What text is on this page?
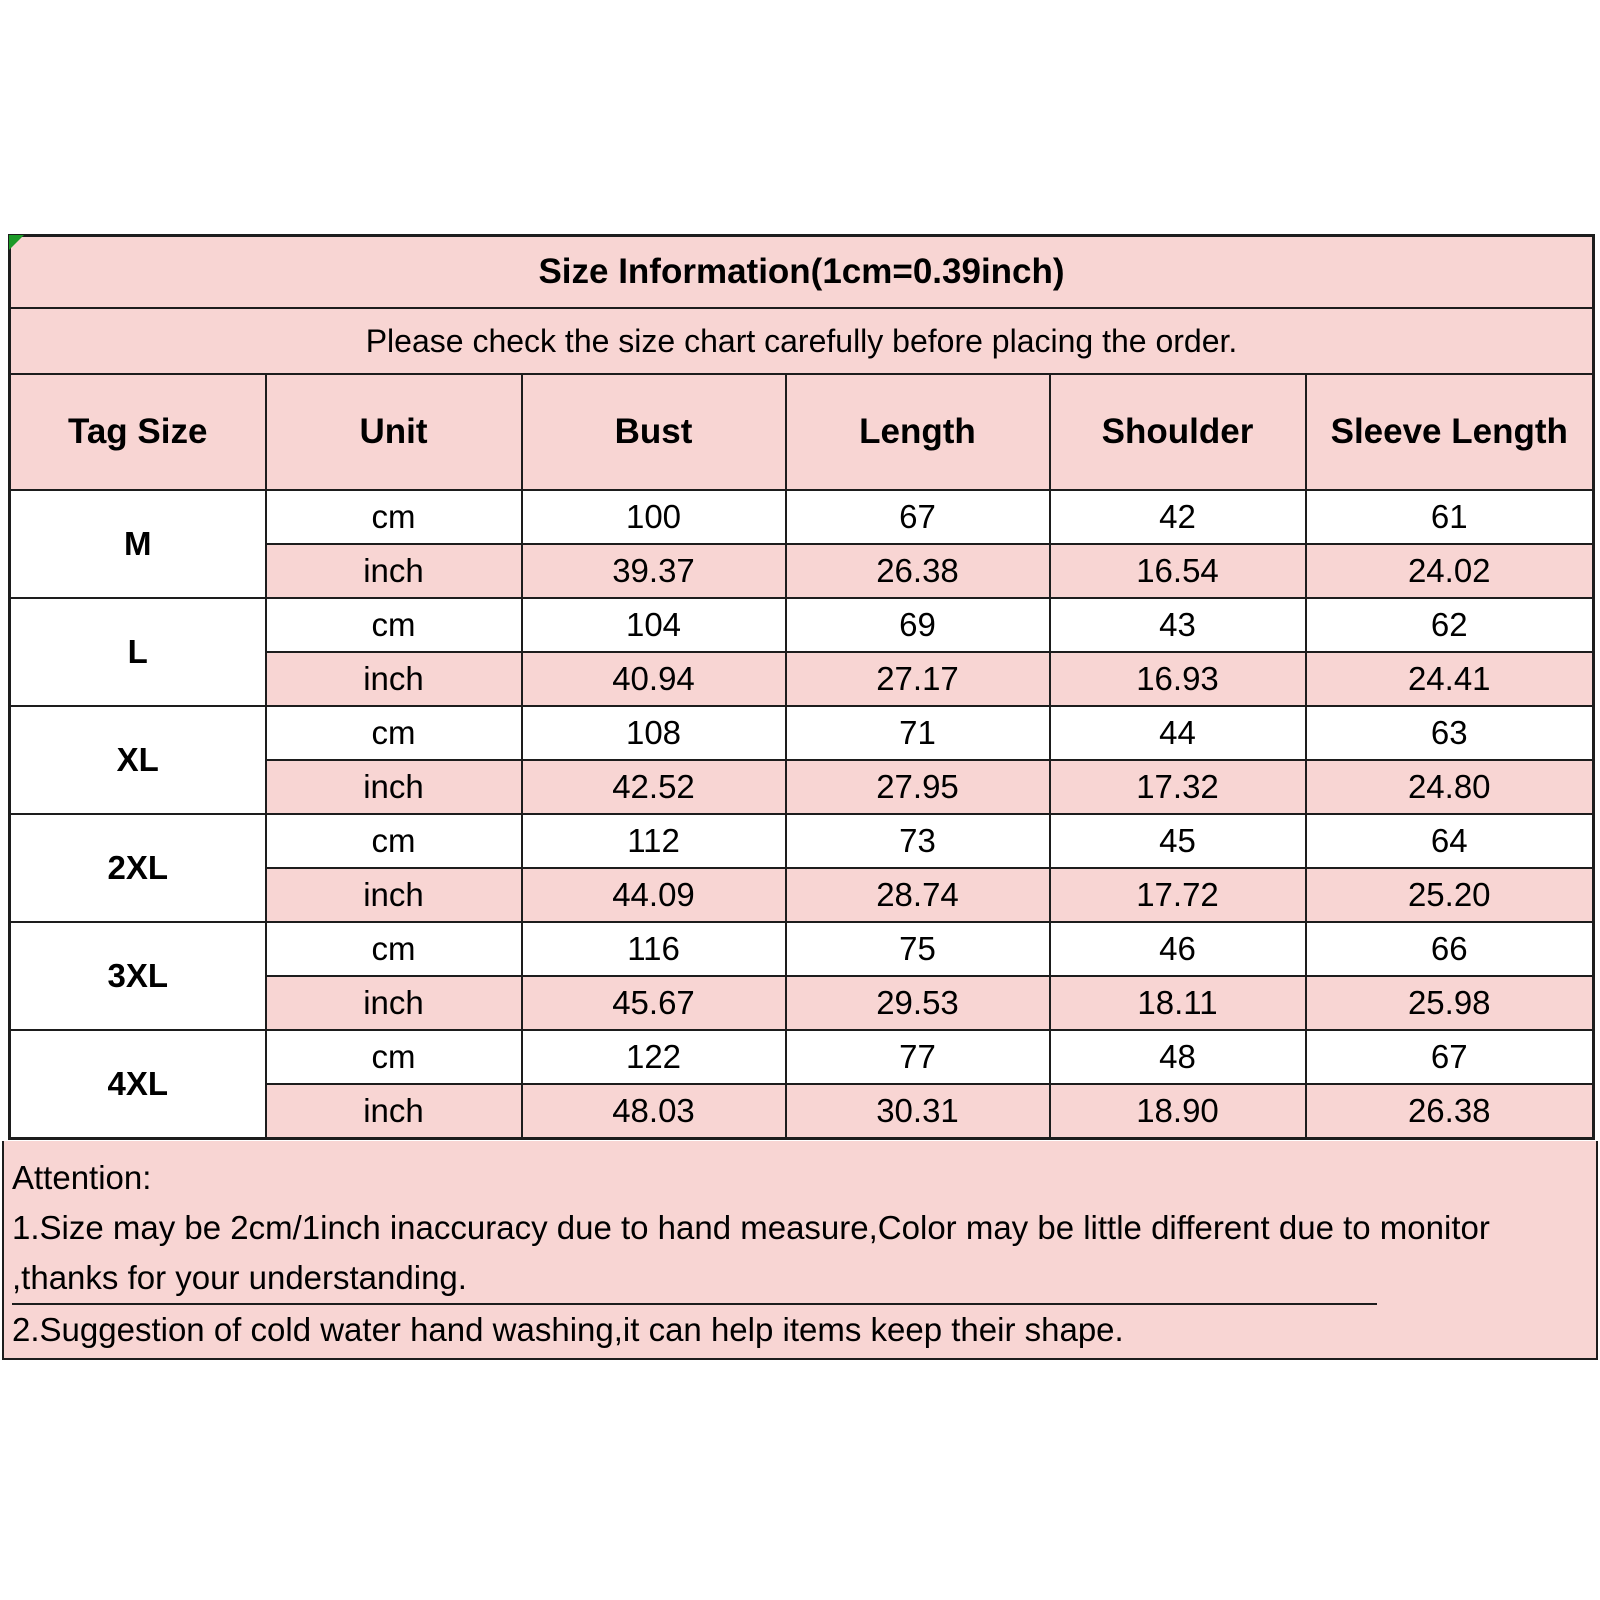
Size Information(1cm=0.39inch)					
Please check the size chart carefully before placing the order.					
Tag Size	Unit	Bust	Length	Shoulder	Sleeve Length
M	cm	100	67	42	61
	inch	39.37	26.38	16.54	24.02
L	cm	104	69	43	62
	inch	40.94	27.17	16.93	24.41
XL	cm	108	71	44	63
	inch	42.52	27.95	17.32	24.80
2XL	cm	112	73	45	64
	inch	44.09	28.74	17.72	25.20
3XL	cm	116	75	46	66
	inch	45.67	29.53	18.11	25.98
4XL	cm	122	77	48	67
	inch	48.03	30.31	18.90	26.38
Attention:
1.Size may be 2cm/1inch inaccuracy due to hand measure,Color may be little different due to monitor ,thanks for your understanding.
2.Suggestion of cold water hand washing,it can help items keep their shape.
